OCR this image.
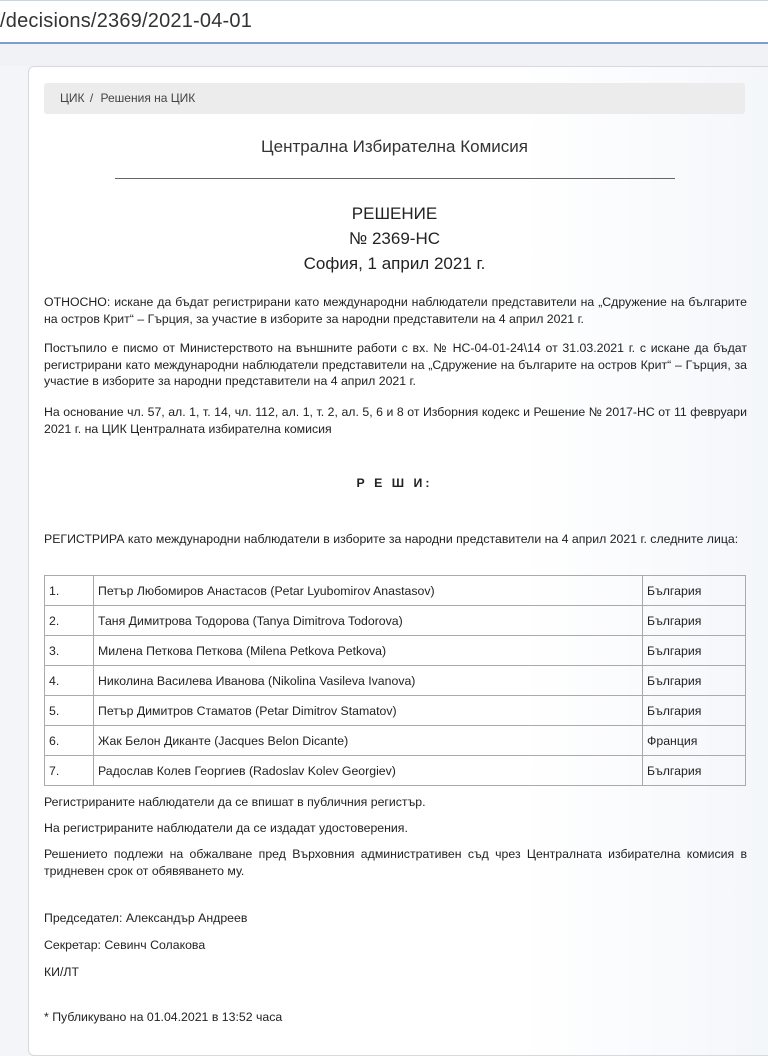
/decisions/2369/2021-04-01
ЦИК / Решения на ЦИК
Централна Избирателна Комисия
РЕШЕНИЕ
№ 2369-НС
София, 1 април 2021 г.

ОТНОСНО: искане да бъдат регистрирани като международни наблюдатели представители на „Сдружение на българите на остров Крит“ – Гърция, за участие в изборите за народни представители на 4 април 2021 г.

Постъпило е писмо от Министерството на външните работи с вх. № НС-04-01-24\14 от 31.03.2021 г. с искане да бъдат регистрирани като международни наблюдатели представители на „Сдружение на българите на остров Крит“ – Гърция, за участие в изборите за народни представители на 4 април 2021 г.

На основание чл. 57, ал. 1, т. 14, чл. 112, ал. 1, т. 2, ал. 5, 6 и 8 от Изборния кодекс и Решение № 2017-НС от 11 февруари 2021 г. на ЦИК Централната избирателна комисия

Р Е Ш И:

РЕГИСТРИРА като международни наблюдатели в изборите за народни представители на 4 април 2021 г. следните лица:

1.	Петър Любомиров Анастасов (Petar Lyubomirov Anastasov)	България
2.	Таня Димитрова Тодорова (Tanya Dimitrova Todorova)	България
3.	Милена Петкова Петкова (Milena Petkova Petkova)	България
4.	Николина Василева Иванова (Nikolina Vasileva Ivanova)	България
5.	Петър Димитров Стаматов (Petar Dimitrov Stamatov)	България
6.	Жак Белон Диканте (Jacques Belon Dicante)	Франция
7.	Радослав Колев Георгиев (Radoslav Kolev Georgiev)	България

Регистрираните наблюдатели да се впишат в публичния регистър.

На регистрираните наблюдатели да се издадат удостоверения.

Решението подлежи на обжалване пред Върховния административен съд чрез Централната избирателна комисия в тридневен срок от обявяването му.

Председател: Александър Андреев
Секретар: Севинч Солакова
КИ/ЛТ
* Публикувано на 01.04.2021 в 13:52 часа
